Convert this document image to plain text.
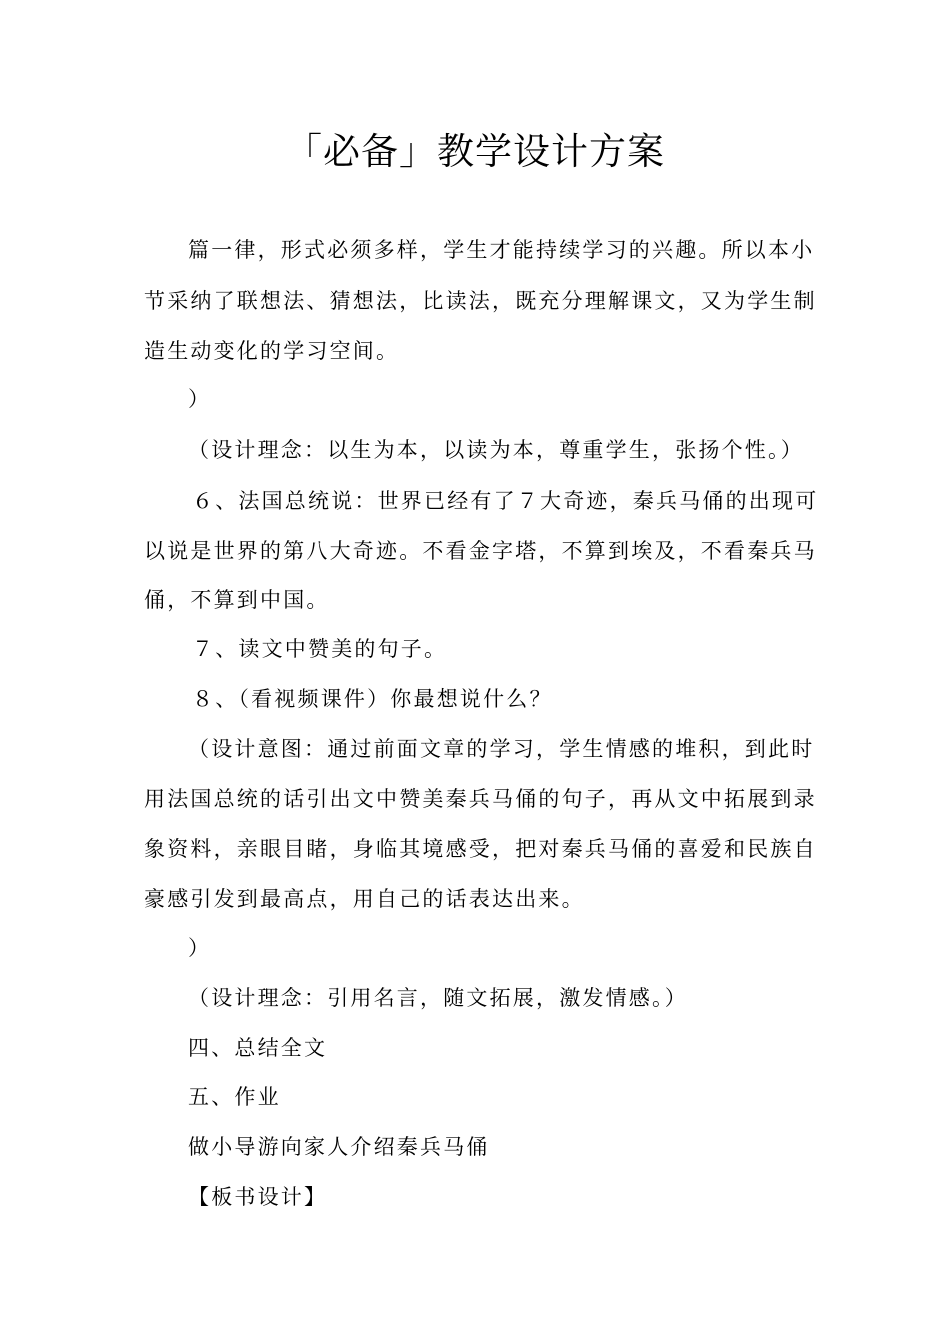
「必备」教学设计方案
篇一律，形式必须多样，学生才能持续学习的兴趣。所以本小
节采纳了联想法、猜想法，比读法，既充分理解课文，又为学生制
造生动变化的学习空间。
）
（设计理念：以生为本，以读为本，尊重学生，张扬个性。）
６、法国总统说：世界已经有了７大奇迹，秦兵马俑的出现可
以说是世界的第八大奇迹。不看金字塔，不算到埃及，不看秦兵马
俑，不算到中国。
７、读文中赞美的句子。
８、（看视频课件）你最想说什么？
（设计意图：通过前面文章的学习，学生情感的堆积，到此时
用法国总统的话引出文中赞美秦兵马俑的句子，再从文中拓展到录
象资料，亲眼目睹，身临其境感受，把对秦兵马俑的喜爱和民族自
豪感引发到最高点，用自己的话表达出来。
）
（设计理念：引用名言，随文拓展，激发情感。）
四、总结全文
五、作业
做小导游向家人介绍秦兵马俑
【板书设计】
